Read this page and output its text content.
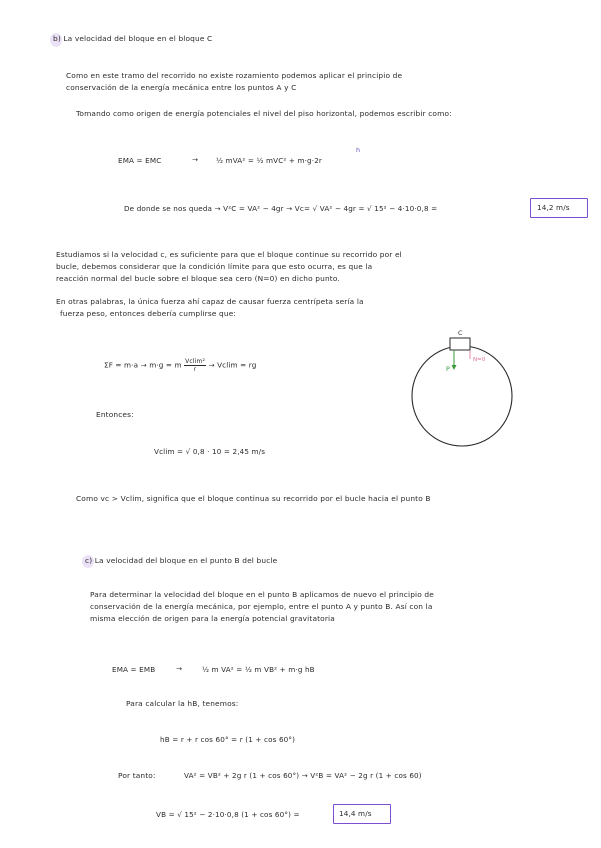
b) La velocidad del bloque en el bloque C
Como en este tramo del recorrido no existe rozamiento podemos aplicar el principio de
conservación de la energía mecánica entre los puntos A y C
Tomando como origen de energía potenciales el nivel del piso horizontal, podemos escribir como:
EMA = EMC	→ ½ mVA² = ½ mVC² + m·g·2r
h
De donde se nos queda → V²C = VA² − 4gr → Vc= √ VA² − 4gr = √ 15² − 4·10·0,8 =	14,2 m/s
Estudiamos si la velocidad c, es suficiente para que el bloque continue su recorrido por el
bucle, debemos considerar que la condición límite para que esto ocurra, es que la
reacción normal del bucle sobre el bloque sea cero (N=0) en dicho punto.
En otras palabras, la única fuerza ahí capaz de causar fuerza centrípeta sería la
fuerza peso, entonces debería cumplirse que:
ΣF = m·a → m·g = m $\frac{\text{Vclim²}}{r} \to Vclim$ = rg
C
P
N=0
Entonces:
Vclim = √ 0,8 · 10 = 2,45 m/s
Como vc > Vclim, significa que el bloque continua su recorrido por el bucle hacia el punto B
c) La velocidad del bloque en el punto B del bucle
Para determinar la velocidad del bloque en el punto B aplicamos de nuevo el principio de
conservación de la energía mecánica, por ejemplo, entre el punto A y punto B. Así con la
misma elección de origen para la energía potencial gravitatoria
EMA = EMB	→	½ m VA² = ½ m VB² + m·g hB
Para calcular la hB, tenemos:
hB = r + r cos 60° = r (1 + cos 60°)
Por tanto:	VA² = VB² + 2g r (1 + cos 60°) → V²B = VA² − 2g r (1 + cos 60)
VB = √ 15² − 2·10·0,8 (1 + cos 60°) =	14,4 m/s
